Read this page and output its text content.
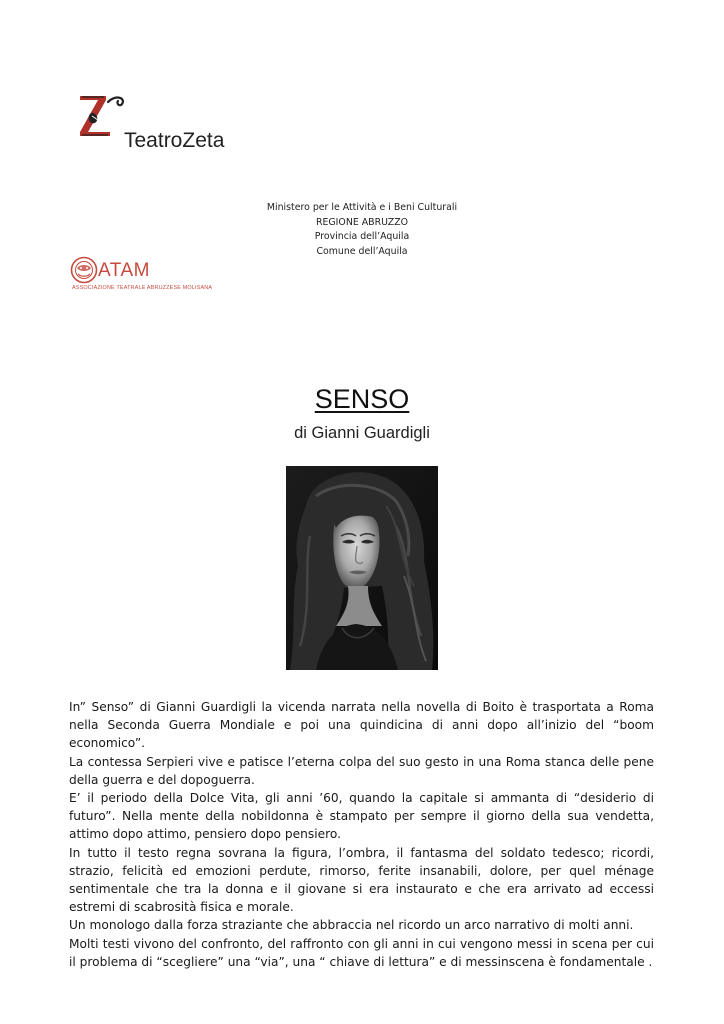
TeatroZeta
Ministero per le Attività e i Beni Culturali
REGIONE ABRUZZO
Provincia dell’Aquila
Comune dell’Aquila
ATAM
ASSOCIAZIONE TEATRALE ABRUZZESE MOLISANA
SENSO
di Gianni Guardigli

In” Senso” di Gianni Guardigli la vicenda narrata nella novella di Boito è trasportata a Roma nella Seconda Guerra Mondiale e poi una quindicina di anni dopo all’inizio del “boom economico”.

La contessa Serpieri vive e patisce l’eterna colpa del suo gesto in una Roma stanca delle pene della guerra e del dopoguerra.

E’ il periodo della Dolce Vita, gli anni ’60, quando la capitale si ammanta di “desiderio di futuro”. Nella mente della nobildonna è stampato per sempre il giorno della sua vendetta, attimo dopo attimo, pensiero dopo pensiero.

In tutto il testo regna sovrana la figura, l’ombra, il fantasma del soldato tedesco; ricordi, strazio, felicità ed emozioni perdute, rimorso, ferite insanabili, dolore, per quel ménage sentimentale che tra la donna e il giovane si era instaurato e che era arrivato ad eccessi estremi di scabrosità fisica e morale.

Un monologo dalla forza straziante che abbraccia nel ricordo un arco narrativo di molti anni.

Molti testi vivono del confronto, del raffronto con gli anni in cui vengono messi in scena per cui il problema di “scegliere” una “via”, una “ chiave di lettura” e di messinscena è fondamentale .
